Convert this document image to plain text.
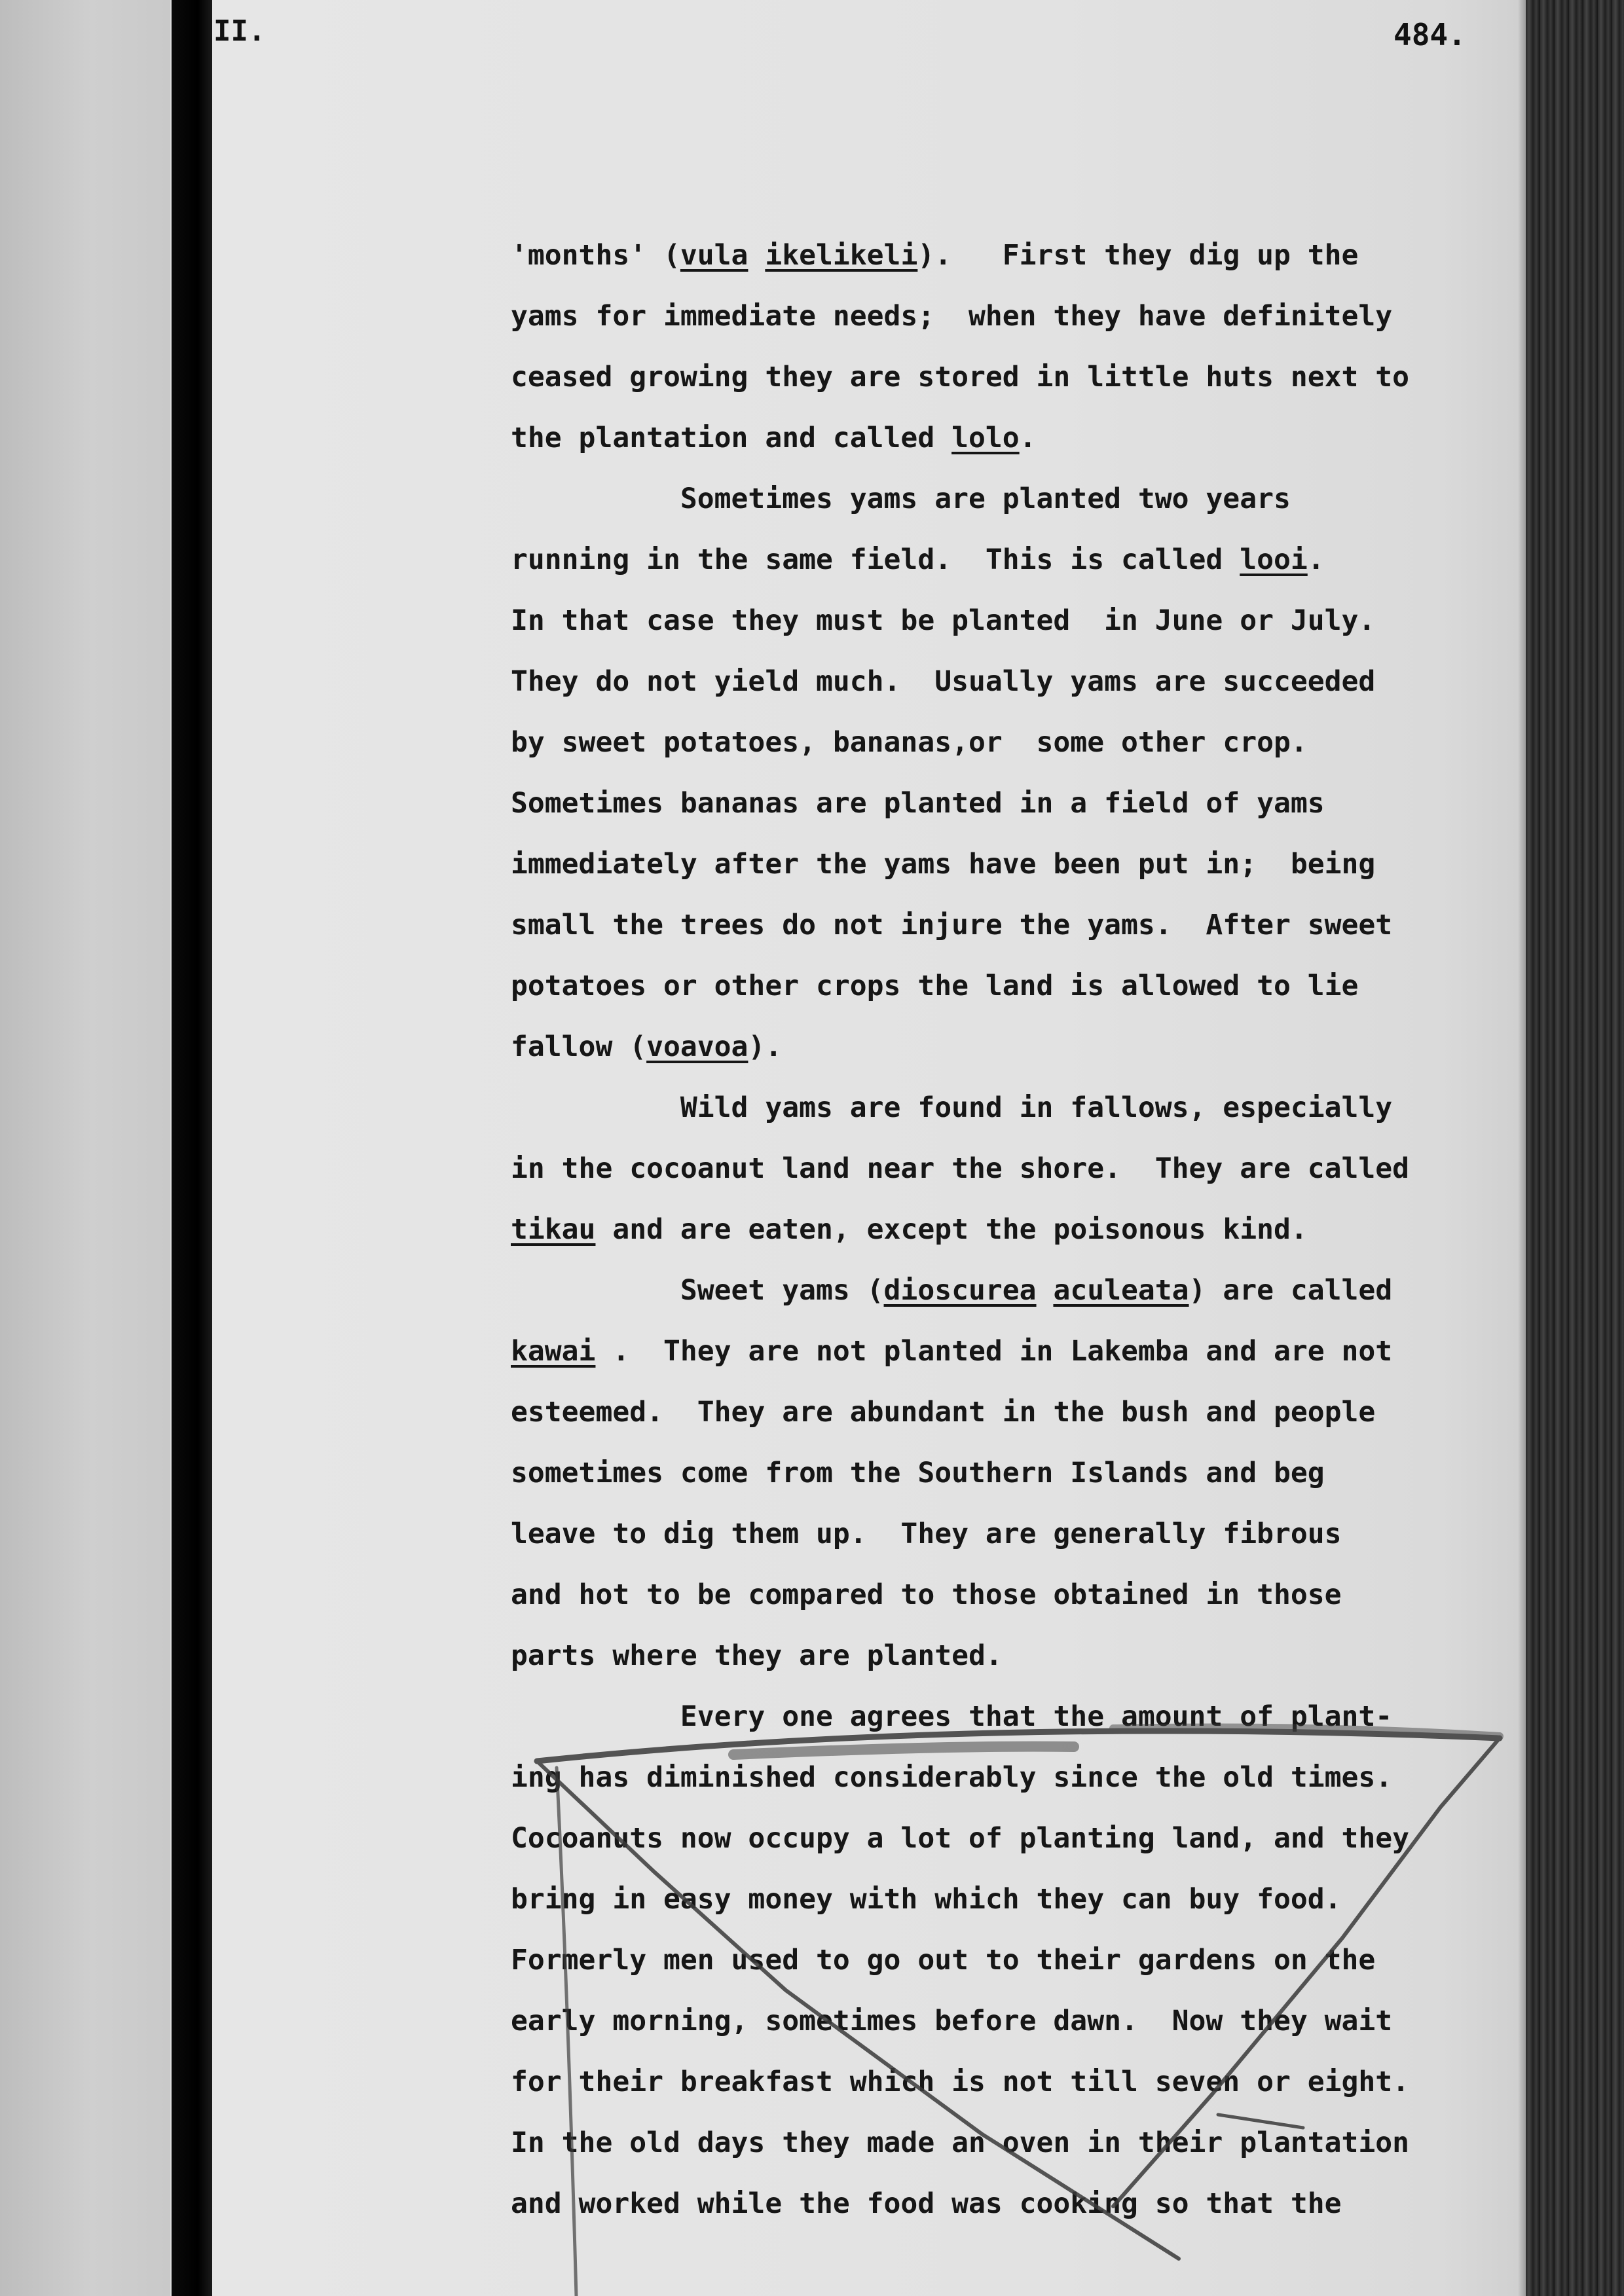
II.	484.
'months' (vula ikelikeli).   First they dig up the
yams for immediate needs;  when they have definitely
ceased growing they are stored in little huts next to
the plantation and called lolo.
Sometimes yams are planted two years
running in the same field.  This is called looi.
In that case they must be planted  in June or July.
They do not yield much.  Usually yams are succeeded
by sweet potatoes, bananas,or  some other crop.
Sometimes bananas are planted in a field of yams
immediately after the yams have been put in;  being
small the trees do not injure the yams.  After sweet
potatoes or other crops the land is allowed to lie
fallow (voavoa).
Wild yams are found in fallows, especially
in the cocoanut land near the shore.  They are called
tikau and are eaten, except the poisonous kind.
Sweet yams (dioscurea aculeata) are called
kawai .  They are not planted in Lakemba and are not
esteemed.  They are abundant in the bush and people
sometimes come from the Southern Islands and beg
leave to dig them up.  They are generally fibrous
and hot to be compared to those obtained in those
parts where they are planted.
Every one agrees that the amount of plant-
ing has diminished considerably since the old times.
Cocoanuts now occupy a lot of planting land, and they
bring in easy money with which they can buy food.
Formerly men used to go out to their gardens on the
early morning, sometimes before dawn.  Now they wait
for their breakfast which is not till seven or eight.
In the old days they made an oven in their plantation
and worked while the food was cooking so that the
